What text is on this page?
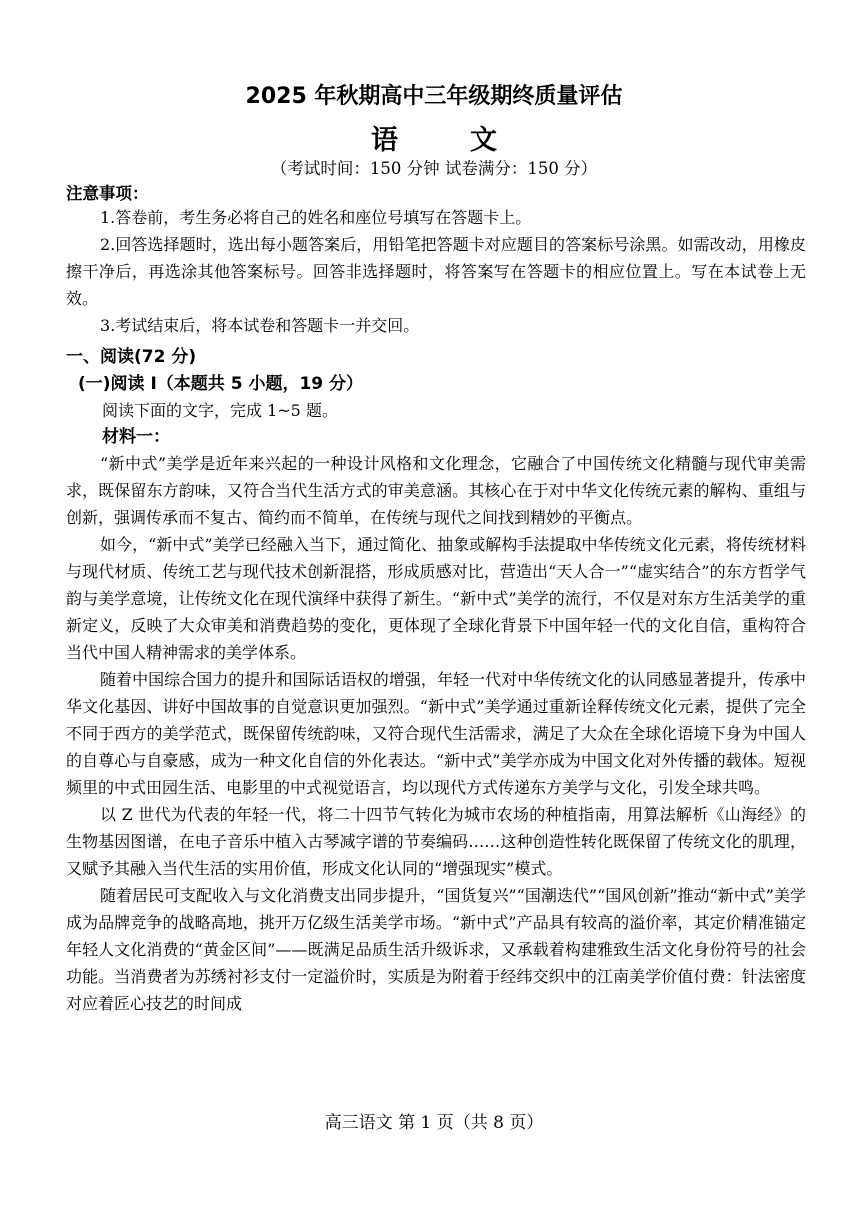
2025 年秋期高中三年级期终质量评估
语文
（考试时间：150 分钟 试卷满分：150 分）
注意事项：

1.答卷前，考生务必将自己的姓名和座位号填写在答题卡上。

2.回答选择题时，选出每小题答案后，用铅笔把答题卡对应题目的答案标号涂黑。如需改动，用橡皮擦干净后，再选涂其他答案标号。回答非选择题时，将答案写在答题卡的相应位置上。写在本试卷上无效。

3.考试结束后，将本试卷和答题卡一并交回。

一、阅读(72 分)
(一)阅读 I（本题共 5 小题，19 分）
阅读下面的文字，完成 1~5 题。
材料一：

“新中式”美学是近年来兴起的一种设计风格和文化理念，它融合了中国传统文化精髓与现代审美需求，既保留东方韵味，又符合当代生活方式的审美意涵。其核心在于对中华文化传统元素的解构、重组与创新，强调传承而不复古、简约而不简单，在传统与现代之间找到精妙的平衡点。

如今，“新中式”美学已经融入当下，通过简化、抽象或解构手法提取中华传统文化元素，将传统材料与现代材质、传统工艺与现代技术创新混搭，形成质感对比，营造出“天人合一”“虚实结合”的东方哲学气韵与美学意境，让传统文化在现代演绎中获得了新生。“新中式”美学的流行，不仅是对东方生活美学的重新定义，反映了大众审美和消费趋势的变化，更体现了全球化背景下中国年轻一代的文化自信，重构符合当代中国人精神需求的美学体系。

随着中国综合国力的提升和国际话语权的增强，年轻一代对中华传统文化的认同感显著提升，传承中华文化基因、讲好中国故事的自觉意识更加强烈。“新中式”美学通过重新诠释传统文化元素，提供了完全不同于西方的美学范式，既保留传统韵味，又符合现代生活需求，满足了大众在全球化语境下身为中国人的自尊心与自豪感，成为一种文化自信的外化表达。“新中式”美学亦成为中国文化对外传播的载体。短视频里的中式田园生活、电影里的中式视觉语言，均以现代方式传递东方美学与文化，引发全球共鸣。

以 Z 世代为代表的年轻一代，将二十四节气转化为城市农场的种植指南，用算法解析《山海经》的生物基因图谱，在电子音乐中植入古琴减字谱的节奏编码……这种创造性转化既保留了传统文化的肌理，又赋予其融入当代生活的实用价值，形成文化认同的“增强现实”模式。

随着居民可支配收入与文化消费支出同步提升，“国货复兴”“国潮迭代”“国风创新”推动“新中式”美学成为品牌竞争的战略高地，挑开万亿级生活美学市场。“新中式”产品具有较高的溢价率，其定价精准锚定年轻人文化消费的“黄金区间”——既满足品质生活升级诉求，又承载着构建雅致生活文化身份符号的社会功能。当消费者为苏绣衬衫支付一定溢价时，实质是为附着于经纬交织中的江南美学价值付费：针法密度对应着匠心技艺的时间成

高三语文 第 1 页（共 8 页）
